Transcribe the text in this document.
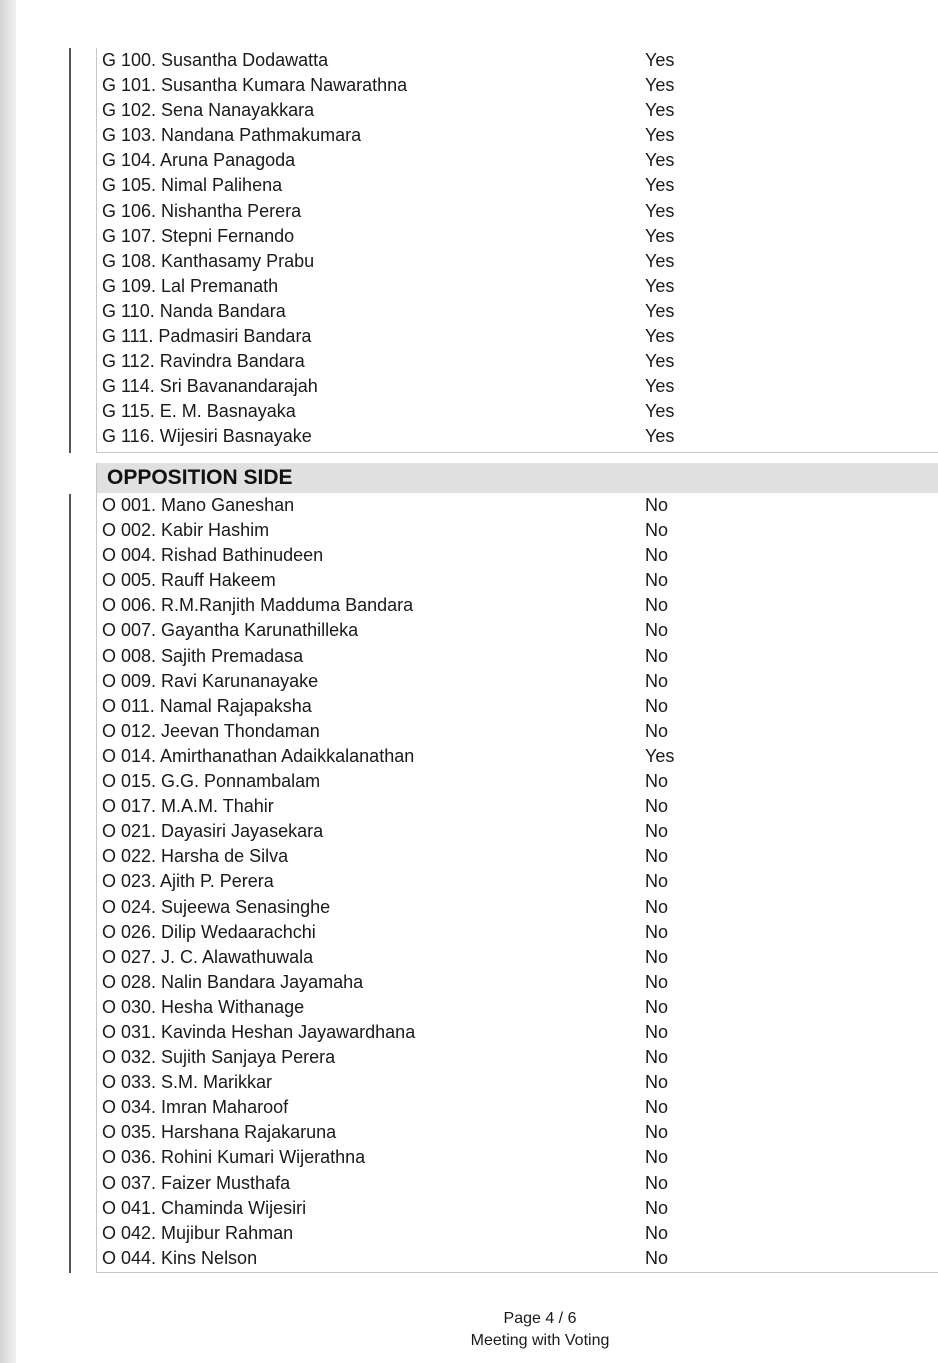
G 100. Susantha Dodawatta	Yes
G 101. Susantha Kumara Nawarathna	Yes
G 102. Sena Nanayakkara	Yes
G 103. Nandana Pathmakumara	Yes
G 104. Aruna Panagoda	Yes
G 105. Nimal Palihena	Yes
G 106. Nishantha Perera	Yes
G 107. Stepni Fernando	Yes
G 108. Kanthasamy Prabu	Yes
G 109. Lal Premanath	Yes
G 110. Nanda Bandara	Yes
G 111. Padmasiri Bandara	Yes
G 112. Ravindra Bandara	Yes
G 114. Sri Bavanandarajah	Yes
G 115. E. M. Basnayaka	Yes
G 116. Wijesiri Basnayake	Yes
OPPOSITION SIDE
O 001. Mano Ganeshan	No
O 002. Kabir Hashim	No
O 004. Rishad Bathinudeen	No
O 005. Rauff Hakeem	No
O 006. R.M.Ranjith Madduma Bandara	No
O 007. Gayantha Karunathilleka	No
O 008. Sajith Premadasa	No
O 009. Ravi Karunanayake	No
O 011. Namal Rajapaksha	No
O 012. Jeevan Thondaman	No
O 014. Amirthanathan Adaikkalanathan	Yes
O 015. G.G. Ponnambalam	No
O 017. M.A.M. Thahir	No
O 021. Dayasiri Jayasekara	No
O 022. Harsha de Silva	No
O 023. Ajith P. Perera	No
O 024. Sujeewa Senasinghe	No
O 026. Dilip Wedaarachchi	No
O 027. J. C. Alawathuwala	No
O 028. Nalin Bandara Jayamaha	No
O 030. Hesha Withanage	No
O 031. Kavinda Heshan Jayawardhana	No
O 032. Sujith Sanjaya Perera	No
O 033. S.M. Marikkar	No
O 034. Imran Maharoof	No
O 035. Harshana Rajakaruna	No
O 036. Rohini Kumari Wijerathna	No
O 037. Faizer Musthafa	No
O 041. Chaminda Wijesiri	No
O 042. Mujibur Rahman	No
O 044. Kins Nelson	No
Page 4 / 6
Meeting with Voting
